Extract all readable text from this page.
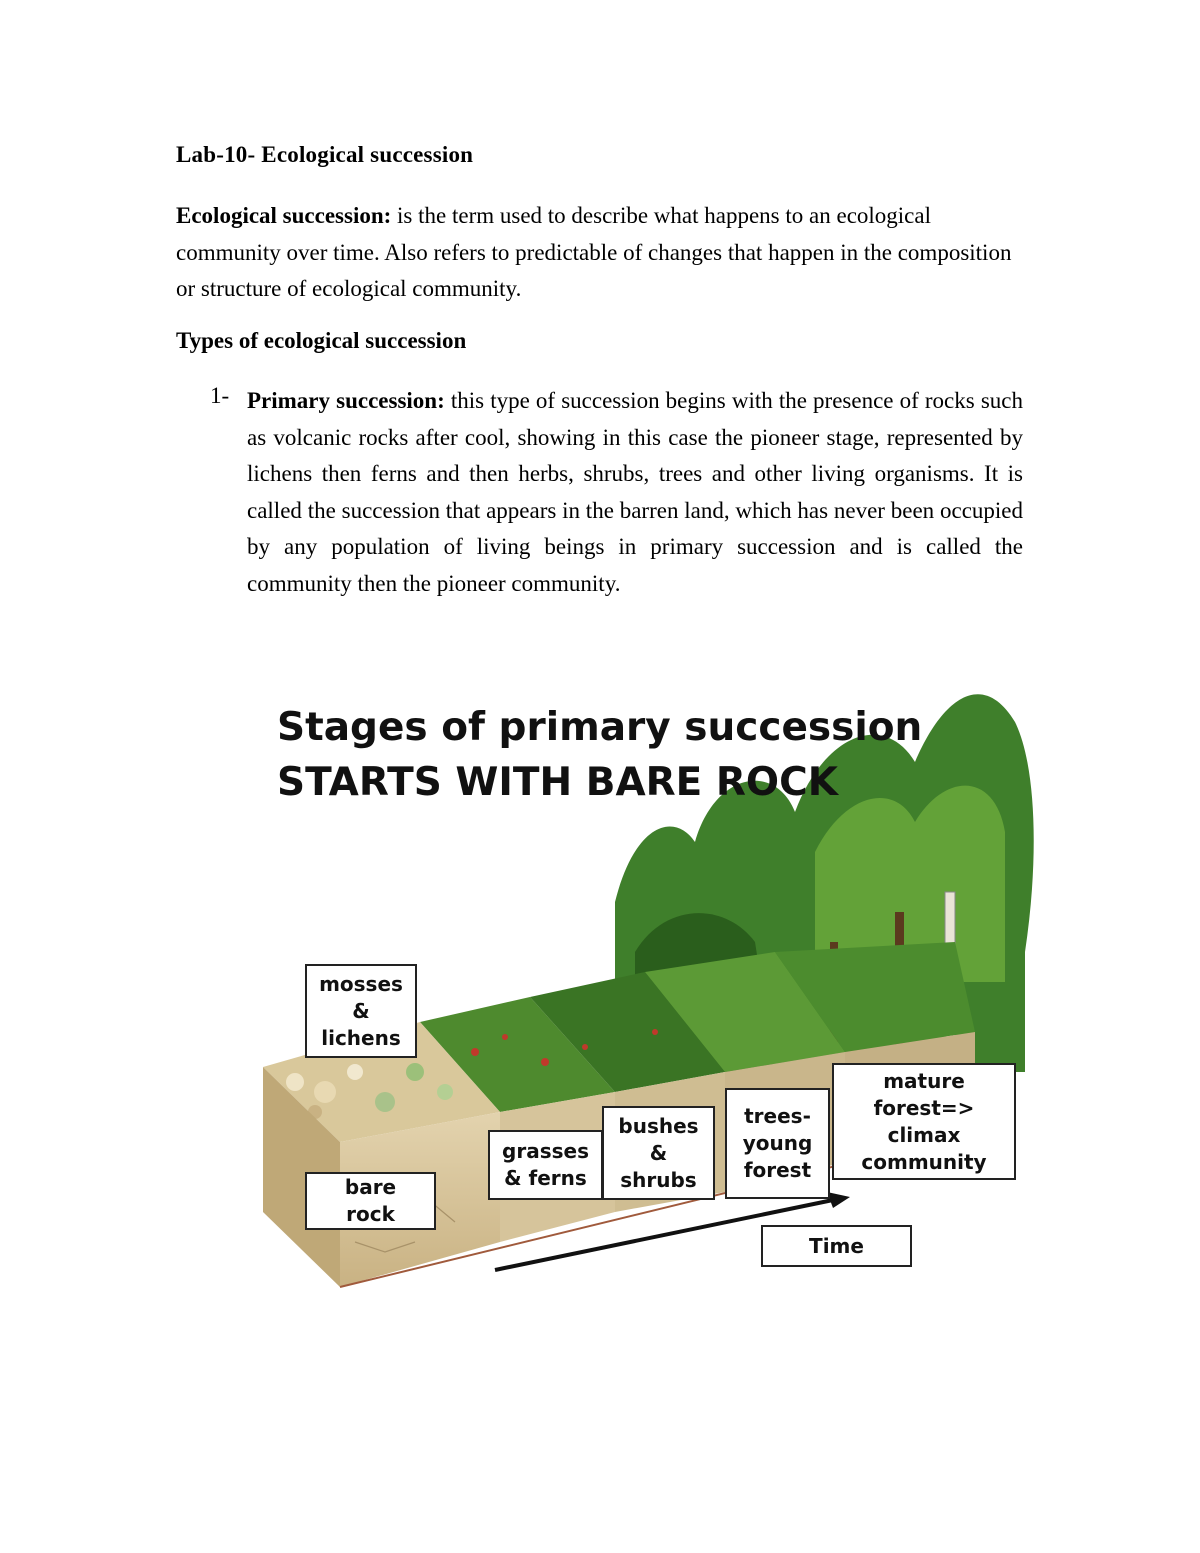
Lab-10- Ecological succession
Ecological succession: is the term used to describe what happens to an ecological community over time. Also refers to predictable of changes that happen in the composition or structure of ecological community.
Types of ecological succession
1- Primary succession: this type of succession begins with the presence of rocks such as volcanic rocks after cool, showing in this case the pioneer stage, represented by lichens then ferns and then herbs, shrubs, trees and other living organisms. It is called the succession that appears in the barren land, which has never been occupied by any population of living beings in primary succession and is called the community then the pioneer community.
Stages of primary succession
STARTS WITH BARE ROCK
mosses
&
lichens
bare
rock
grasses
& ferns
bushes
&
shrubs
trees-
young
forest
mature
forest=>
climax
community
Time
